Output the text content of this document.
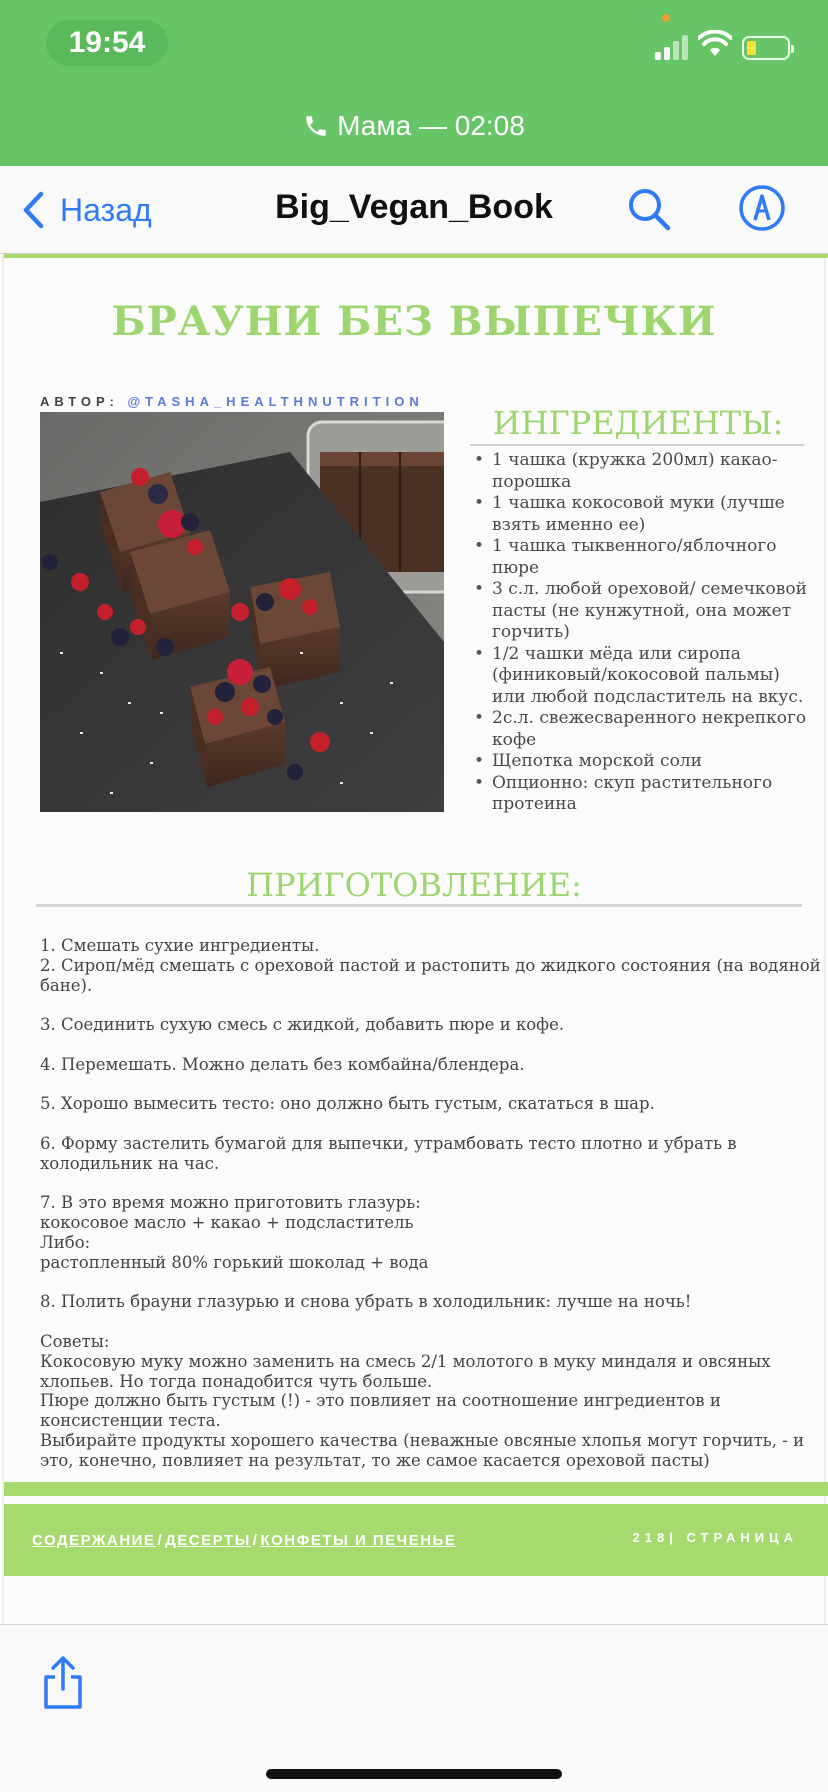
19:54
Мама — 02:08
Назад	Big_Vegan_Book
БРАУНИ БЕЗ ВЫПЕЧКИ
АВТОР: @TASHA_HEALTHNUTRITION
ИНГРЕДИЕНТЫ:
• 1 чашка (кружка 200мл) какао-порошка
• 1 чашка кокосовой муки (лучше взять именно ее)
• 1 чашка тыквенного/яблочного пюре
• 3 с.л. любой ореховой/ семечковой пасты (не кунжутной, она может горчить)
• 1/2 чашки мёда или сиропа (финиковый/кокосовой пальмы) или любой подсластитель на вкус.
• 2с.л. свежесваренного некрепкого кофе
• Щепотка морской соли
• Опционно: скуп растительного протеина
ПРИГОТОВЛЕНИЕ:

1. Смешать сухие ингредиенты.

2. Сироп/мёд смешать с ореховой пастой и растопить до жидкого состояния (на водяной

бане).

3. Соединить сухую смесь с жидкой, добавить пюре и кофе.

4. Перемешать. Можно делать без комбайна/блендера.

5. Хорошо вымесить тесто: оно должно быть густым, скататься в шар.

6. Форму застелить бумагой для выпечки, утрамбовать тесто плотно и убрать в

холодильник на час.

7. В это время можно приготовить глазурь:

кокосовое масло + какао + подсластитель

Либо:

растопленный 80% горький шоколад + вода

8. Полить брауни глазурью и снова убрать в холодильник: лучше на ночь!

Советы:

Кокосовую муку можно заменить на смесь 2/1 молотого в муку миндаля и овсяных

хлопьев. Но тогда понадобится чуть больше.

Пюре должно быть густым (!) - это повлияет на соотношение ингредиентов и

консистенции теста.

Выбирайте продукты хорошего качества (неважные овсяные хлопья могут горчить, - и

это, конечно, повлияет на результат, то же самое касается ореховой пасты)

СОДЕРЖАНИЕ / ДЕСЕРТЫ / КОНФЕТЫ И ПЕЧЕНЬЕ	218| СТРАНИЦА
